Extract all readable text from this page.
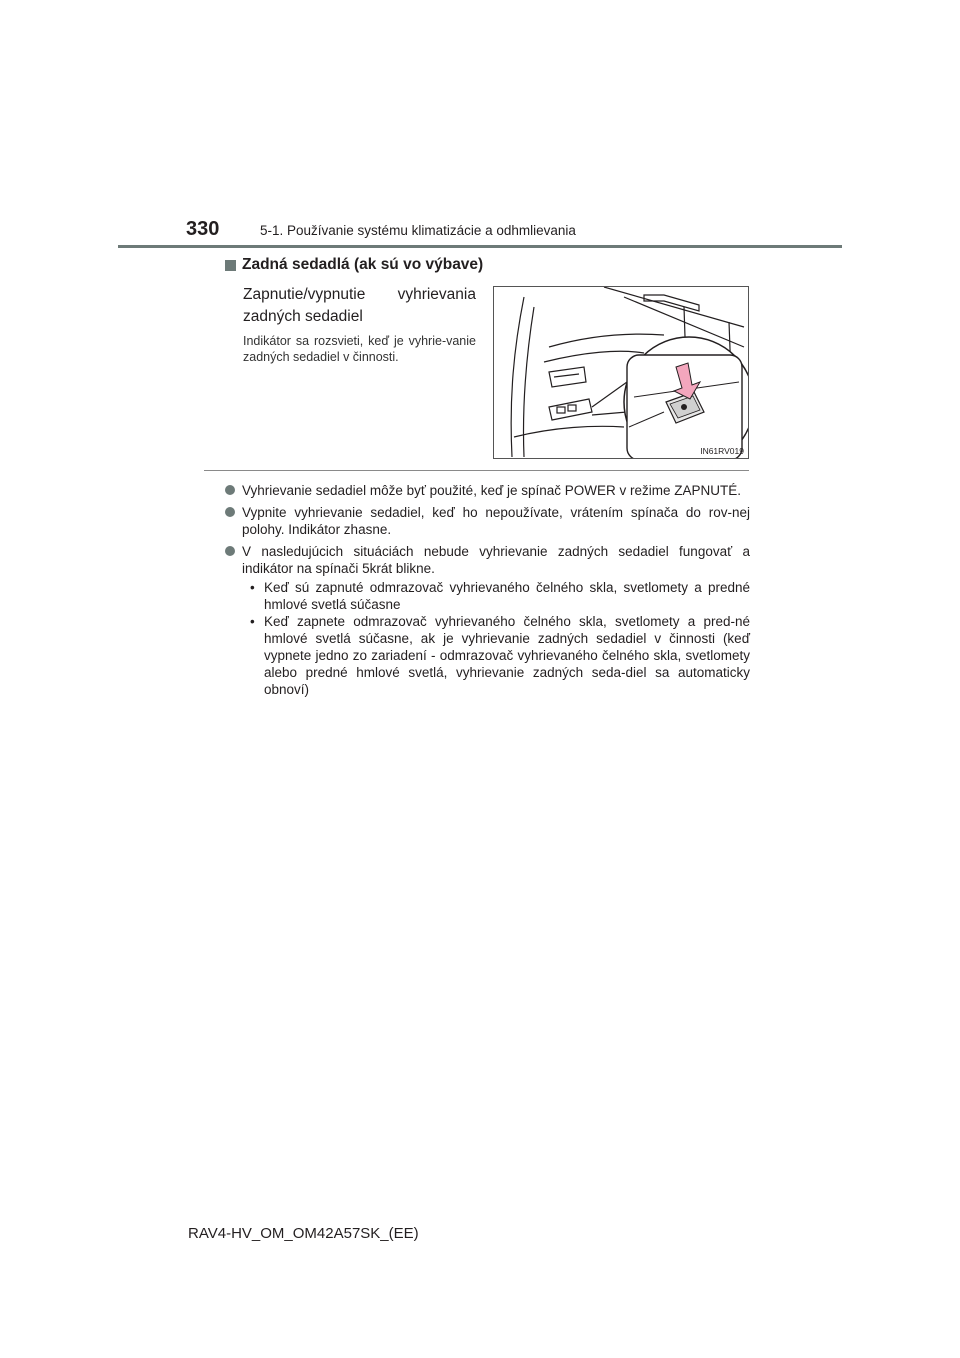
330	5-1. Používanie systému klimatizácie a odhmlievania
Zadná sedadlá (ak sú vo výbave)
Zapnutie/vypnutie vyhrievania zadných sedadiel
Indikátor sa rozsvieti, keď je vyhrie-vanie zadných sedadiel v činnosti.
IN61RV019
Vyhrievanie sedadiel môže byť použité, keď je spínač POWER v režime ZAPNUTÉ.
Vypnite vyhrievanie sedadiel, keď ho nepoužívate, vrátením spínača do rov-nej polohy. Indikátor zhasne.
V nasledujúcich situáciách nebude vyhrievanie zadných sedadiel fungovať a indikátor na spínači 5krát blikne.
• Keď sú zapnuté odmrazovač vyhrievaného čelného skla, svetlomety a predné hmlové svetlá súčasne
• Keď zapnete odmrazovač vyhrievaného čelného skla, svetlomety a pred-né hmlové svetlá súčasne, ak je vyhrievanie zadných sedadiel v činnosti (keď vypnete jedno zo zariadení - odmrazovač vyhrievaného čelného skla, svetlomety alebo predné hmlové svetlá, vyhrievanie zadných seda-diel sa automaticky obnoví)
RAV4-HV_OM_OM42A57SK_(EE)
